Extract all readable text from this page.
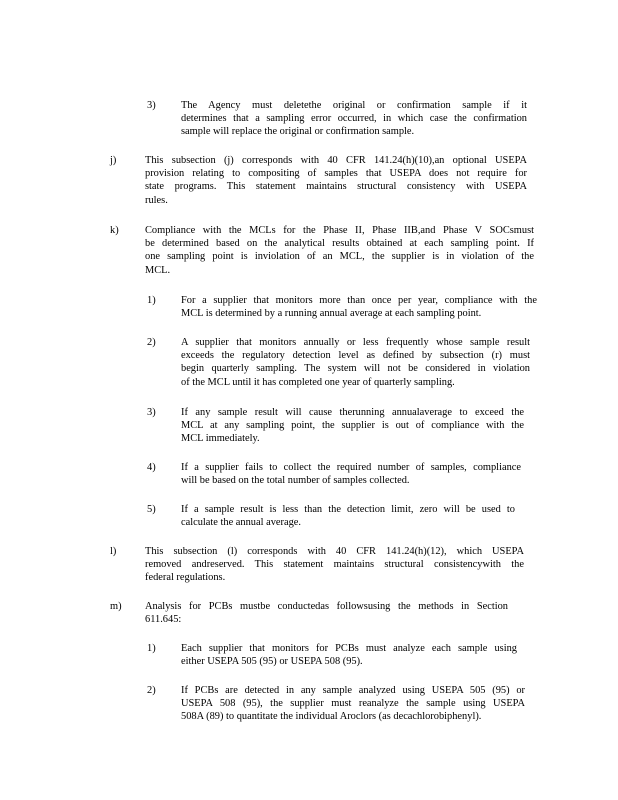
3) The Agency must deletethe original or confirmation sample if it
determines that a sampling error occurred, in which case the confirmation
sample will replace the original or confirmation sample.
j)	This subsection (j) corresponds with 40 CFR 141.24(h)(10),an optional USEPA
provision relating to compositing of samples that USEPA does not require for
state programs. This statement maintains structural consistency with USEPA
rules.
k)	Compliance with the MCLs for the Phase II, Phase IIB,and Phase V SOCsmust
be determined based on the analytical results obtained at each sampling point. If
one sampling point is inviolation of an MCL, the supplier is in violation of the
MCL.
1) For a supplier that monitors more than once per year, compliance with the
MCL is determined by a running annual average at each sampling point.
2) A supplier that monitors annually or less frequently whose sample result
exceeds the regulatory detection level as defined by subsection (r) must
begin quarterly sampling. The system will not be considered in violation
of the MCL until it has completed one year of quarterly sampling.
3) If any sample result will cause therunning annualaverage to exceed the
MCL at any sampling point, the supplier is out of compliance with the
MCL immediately.
4) If a supplier fails to collect the required number of samples, compliance
will be based on the total number of samples collected.
5) If a sample result is less than the detection limit, zero will be used to
calculate the annual average.
l)	This subsection (l) corresponds with 40 CFR 141.24(h)(12), which USEPA
removed andreserved. This statement maintains structural consistencywith the
federal regulations.
m) Analysis for PCBs mustbe conductedas followsusing the methods in Section
611.645:
1) Each supplier that monitors for PCBs must analyze each sample using
either USEPA 505 (95) or USEPA 508 (95).
2) If PCBs are detected in any sample analyzed using USEPA 505 (95) or
USEPA 508 (95), the supplier must reanalyze the sample using USEPA
508A (89) to quantitate the individual Aroclors (as decachlorobiphenyl).
